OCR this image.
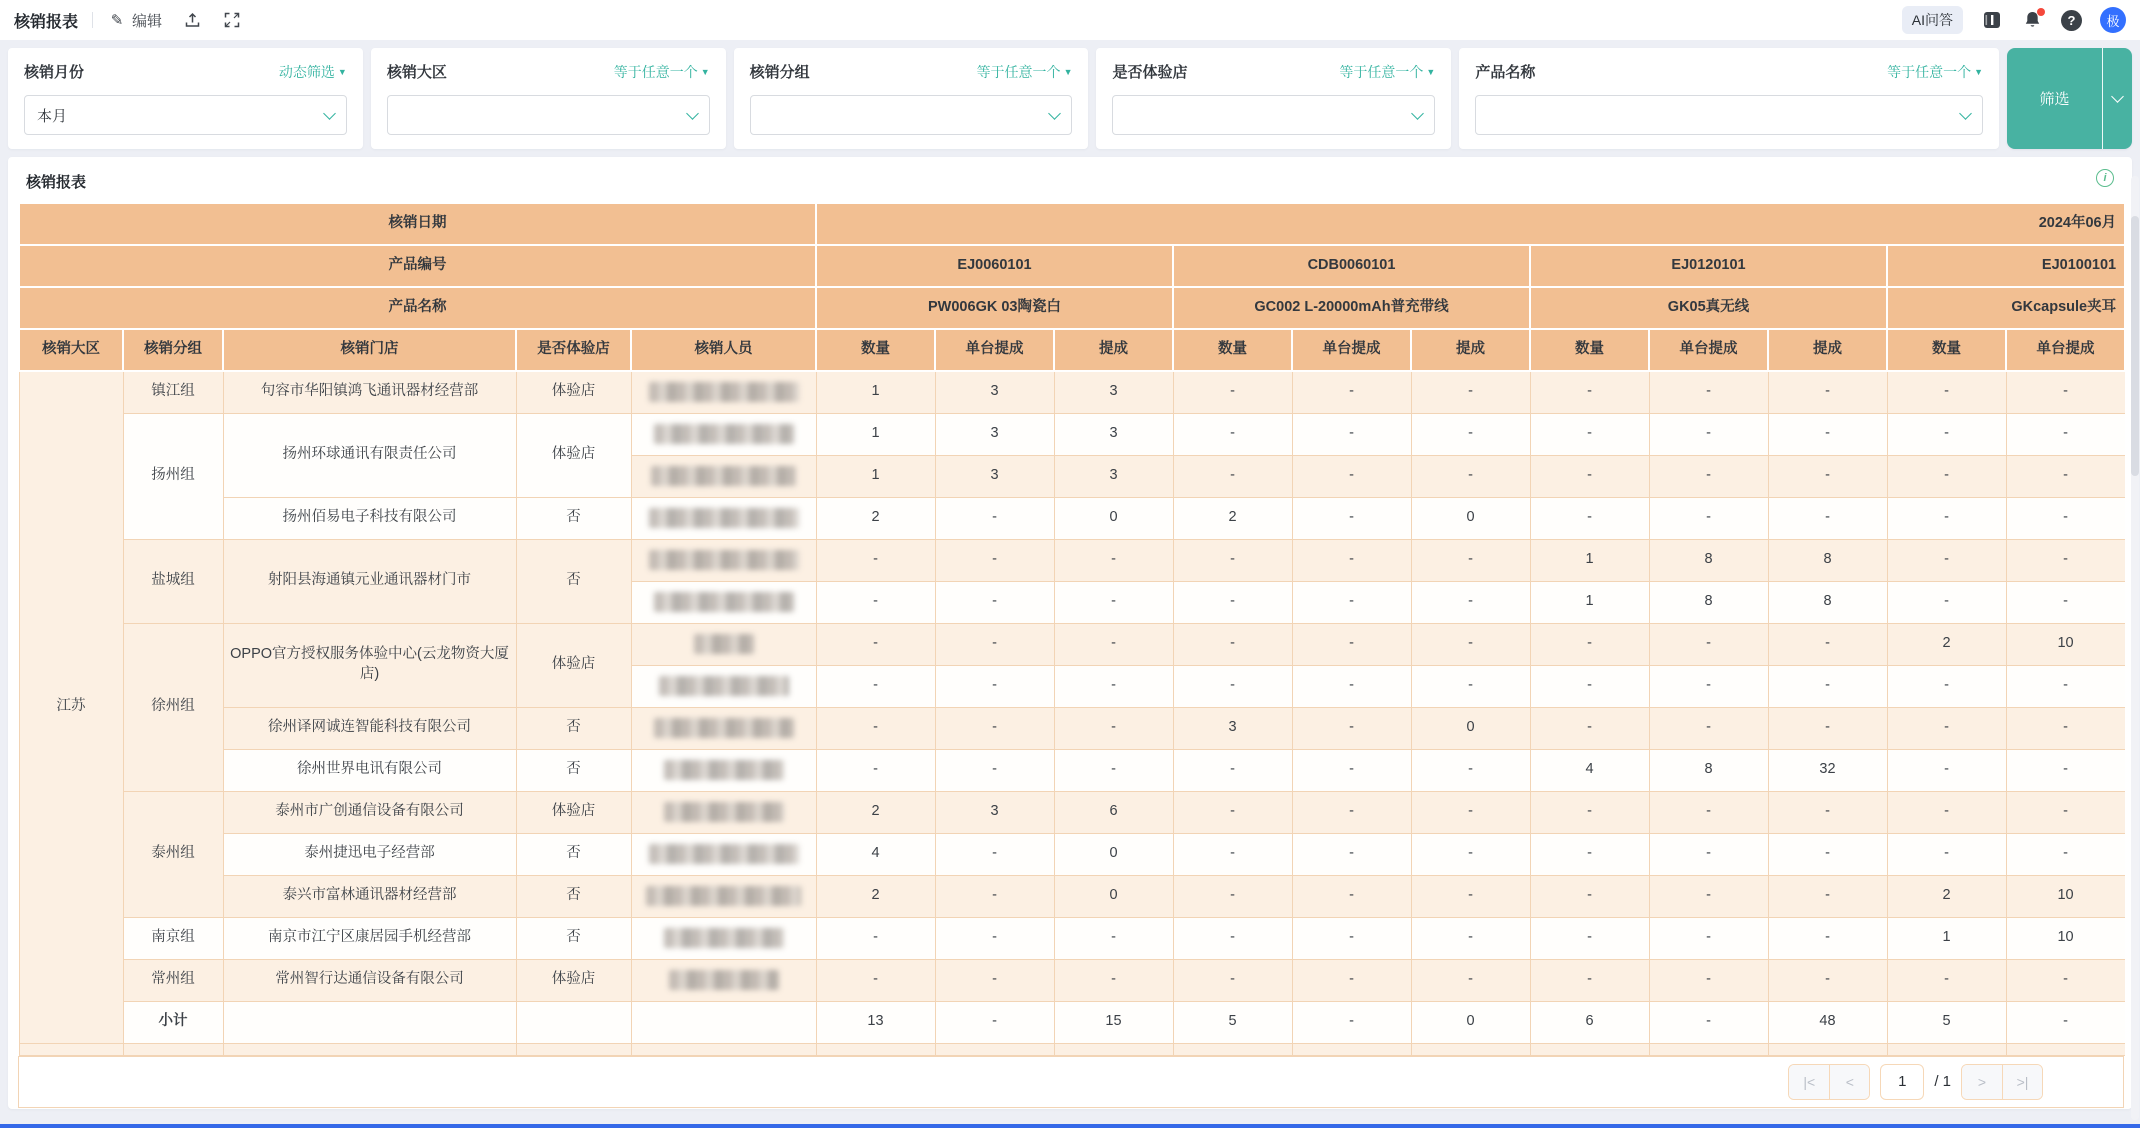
核销报表 ✎ 编辑	AI问答	?	极
核销月份	动态筛选 ▼
本月
核销大区	等于任意一个 ▼	核销分组	等于任意一个 ▼	是否体验店	等于任意一个 ▼	产品名称	等于任意一个 ▼
筛选
核销报表	i
核销日期					2024年06月										
产品编号					EJ0060101			CDB0060101			EJ0120101			EJ0100101	
产品名称					PW006GK 03陶瓷白			GC002 L-20000mAh普充带线			GK05真无线			GKcapsule夹耳	
核销大区	核销分组	核销门店	是否体验店	核销人员	数量	单台提成	提成	数量	单台提成	提成	数量	单台提成	提成	数量	单台提成
江苏	镇江组	句容市华阳镇鸿飞通讯器材经营部	体验店		1	3	3	-	-	-	-	-	-	-	-
	扬州组	扬州环球通讯有限责任公司	体验店		1	3	3	-	-	-	-	-	-	-	-

					1	3	3	-	-	-	-	-	-	-	-
		扬州佰易电子科技有限公司	否		2	-	0	2	-	0	-	-	-	-	-
	盐城组	射阳县海通镇元业通讯器材门市	否		-	-	-	-	-	-	1	8	8	-	-

					-	-	-	-	-	-	1	8	8	-	-
	徐州组	OPPO官方授权服务体验中心(云龙物资大厦店)	体验店		-	-	-	-	-	-	-	-	-	2	10

					-	-	-	-	-	-	-	-	-	-	-
		徐州译网诚连智能科技有限公司	否		-	-	-	3	-	0	-	-	-	-	-
		徐州世界电讯有限公司	否		-	-	-	-	-	-	4	8	32	-	-
	泰州组	泰州市广创通信设备有限公司	体验店		2	3	6	-	-	-	-	-	-	-	-
		泰州捷迅电子经营部	否		4	-	0	-	-	-	-	-	-	-	-
		泰兴市富林通讯器材经营部	否		2	-	0	-	-	-	-	-	-	2	10
	南京组	南京市江宁区康居园手机经营部	否		-	-	-	-	-	-	-	-	-	1	10
	常州组	常州智行达通信设备有限公司	体验店		-	-	-	-	-	-	-	-	-	-	-
	小计				13	-	15	5	-	0	6	-	48	5	-

|<	<
1	/ 1	>	>|
